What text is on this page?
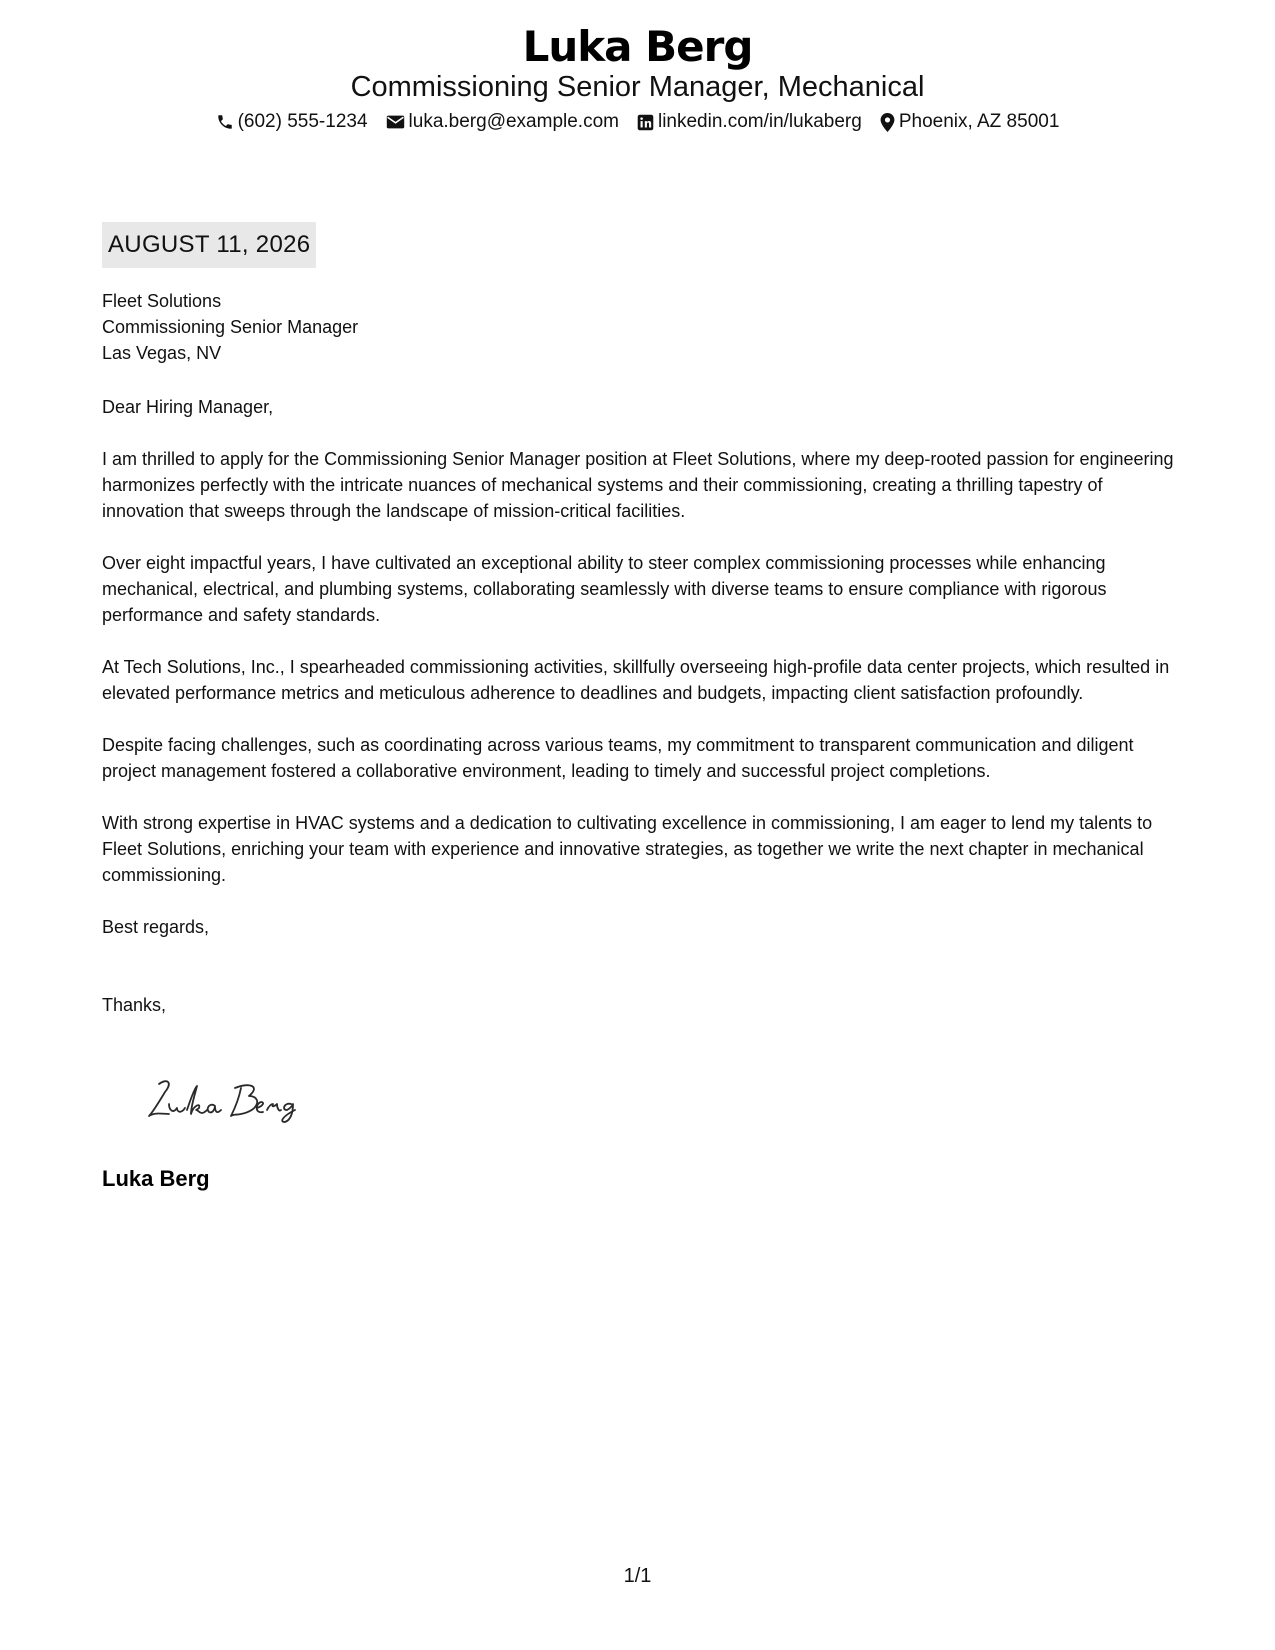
Luka Berg
Commissioning Senior Manager, Mechanical
(602) 555-1234 luka.berg@example.com linkedin.com/in/lukaberg Phoenix, AZ 85001
AUGUST 11, 2026
Fleet Solutions
Commissioning Senior Manager
Las Vegas, NV
Dear Hiring Manager,
I am thrilled to apply for the Commissioning Senior Manager position at Fleet Solutions, where my deep-rooted passion for engineering harmonizes perfectly with the intricate nuances of mechanical systems and their commissioning, creating a thrilling tapestry of innovation that sweeps through the landscape of mission-critical facilities.
Over eight impactful years, I have cultivated an exceptional ability to steer complex commissioning processes while enhancing mechanical, electrical, and plumbing systems, collaborating seamlessly with diverse teams to ensure compliance with rigorous performance and safety standards.
At Tech Solutions, Inc., I spearheaded commissioning activities, skillfully overseeing high-profile data center projects, which resulted in elevated performance metrics and meticulous adherence to deadlines and budgets, impacting client satisfaction profoundly.
Despite facing challenges, such as coordinating across various teams, my commitment to transparent communication and diligent project management fostered a collaborative environment, leading to timely and successful project completions.
With strong expertise in HVAC systems and a dedication to cultivating excellence in commissioning, I am eager to lend my talents to Fleet Solutions, enriching your team with experience and innovative strategies, as together we write the next chapter in mechanical commissioning.
Best regards,
Thanks,
Luka Berg
1/1
